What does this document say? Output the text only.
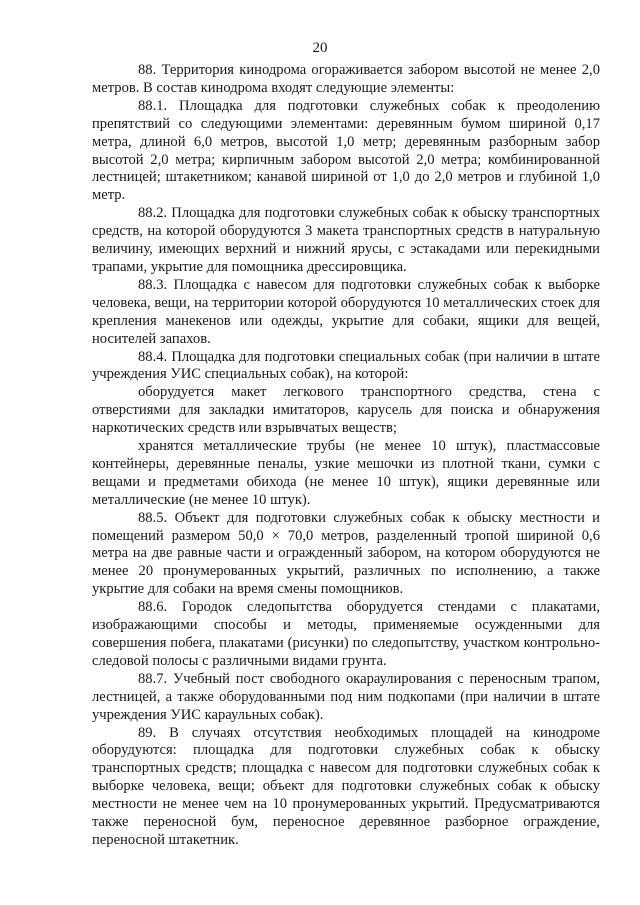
20

88. Территория кинодрома огораживается забором высотой не менее 2,0 метров. В состав кинодрома входят следующие элементы:

88.1. Площадка для подготовки служебных собак к преодолению препятствий со следующими элементами: деревянным бумом шириной 0,17 метра, длиной 6,0 метров, высотой 1,0 метр; деревянным разборным забор высотой 2,0 метра; кирпичным забором высотой 2,0 метра; комбинированной лестницей; штакетником; канавой шириной от 1,0 до 2,0 метров и глубиной 1,0 метр.

88.2. Площадка для подготовки служебных собак к обыску транспортных средств, на которой оборудуются 3 макета транспортных средств в натуральную величину, имеющих верхний и нижний ярусы, с эстакадами или перекидными трапами, укрытие для помощника дрессировщика.

88.3. Площадка с навесом для подготовки служебных собак к выборке человека, вещи, на территории которой оборудуются 10 металлических стоек для крепления манекенов или одежды, укрытие для собаки, ящики для вещей, носителей запахов.

88.4. Площадка для подготовки специальных собак (при наличии в штате учреждения УИС специальных собак), на которой:

оборудуется макет легкового транспортного средства, стена с отверстиями для закладки имитаторов, карусель для поиска и обнаружения наркотических средств или взрывчатых веществ;

хранятся металлические трубы (не менее 10 штук), пластмассовые контейнеры, деревянные пеналы, узкие мешочки из плотной ткани, сумки с вещами и предметами обихода (не менее 10 штук), ящики деревянные или металлические (не менее 10 штук).

88.5. Объект для подготовки служебных собак к обыску местности и помещений размером 50,0 × 70,0 метров, разделенный тропой шириной 0,6 метра на две равные части и огражденный забором, на котором оборудуются не менее 20 пронумерованных укрытий, различных по исполнению, а также укрытие для собаки на время смены помощников.

88.6. Городок следопытства оборудуется стендами с плакатами, изображающими способы и методы, применяемые осужденными для совершения побега, плакатами (рисунки) по следопытству, участком контрольно-следовой полосы с различными видами грунта.

88.7. Учебный пост свободного окараулирования с переносным трапом, лестницей, а также оборудованными под ним подкопами (при наличии в штате учреждения УИС караульных собак).

89. В случаях отсутствия необходимых площадей на кинодроме оборудуются: площадка для подготовки служебных собак к обыску транспортных средств; площадка с навесом для подготовки служебных собак к выборке человека, вещи; объект для подготовки служебных собак к обыску местности не менее чем на 10 пронумерованных укрытий. Предусматриваются также переносной бум, переносное деревянное разборное ограждение, переносной штакетник.
